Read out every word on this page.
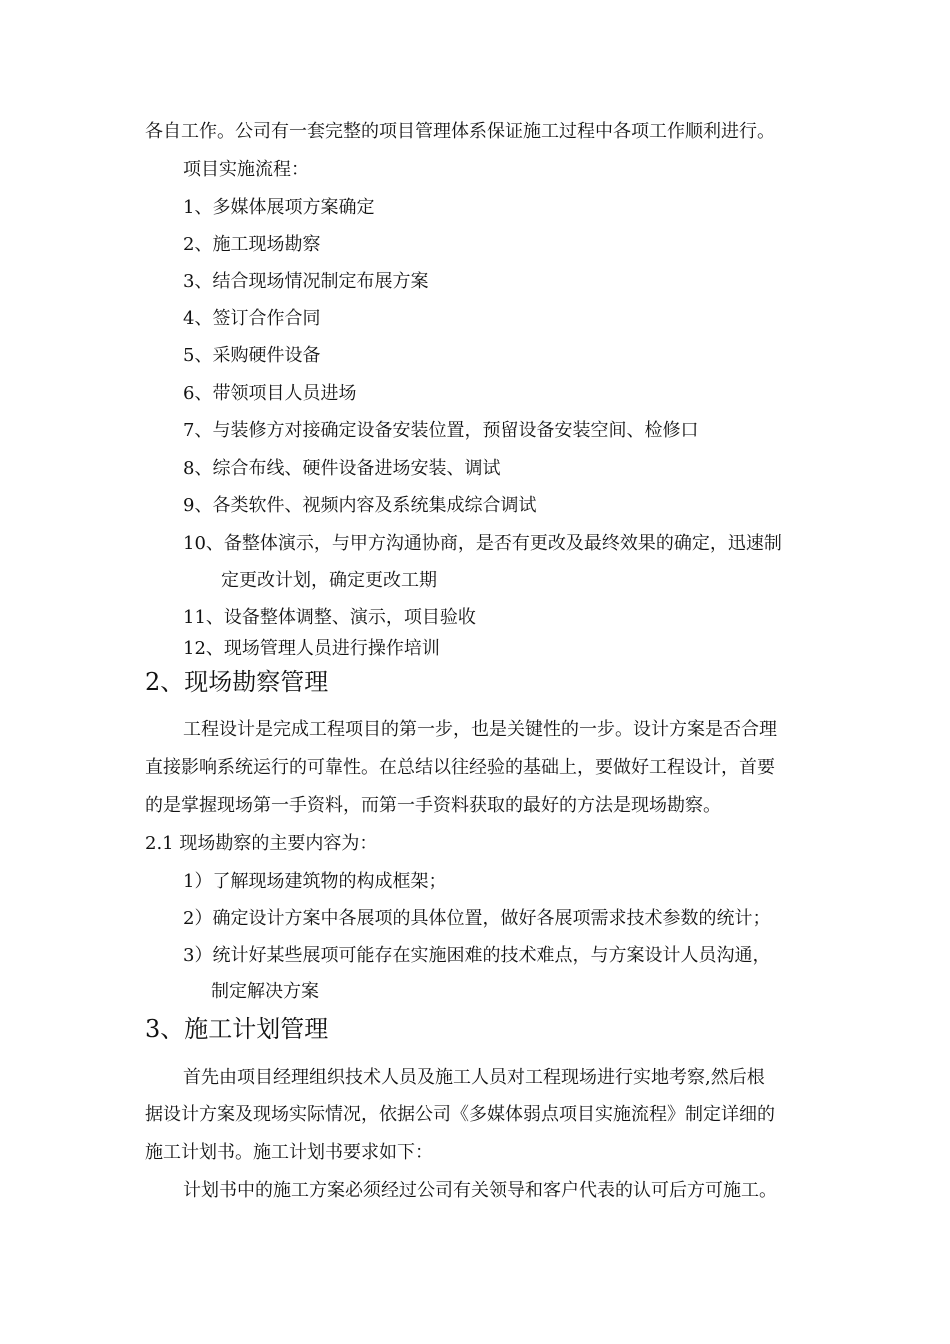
各自工作。公司有一套完整的项目管理体系保证施工过程中各项工作顺利进行。
项目实施流程：
1、多媒体展项方案确定
2、施工现场勘察
3、结合现场情况制定布展方案
4、签订合作合同
5、采购硬件设备
6、带领项目人员进场
7、与装修方对接确定设备安装位置，预留设备安装空间、检修口
8、综合布线、硬件设备进场安装、调试
9、各类软件、视频内容及系统集成综合调试
10、备整体演示，与甲方沟通协商，是否有更改及最终效果的确定，迅速制
定更改计划，确定更改工期
11、设备整体调整、演示，项目验收
12、现场管理人员进行操作培训
2、现场勘察管理
工程设计是完成工程项目的第一步，也是关键性的一步。设计方案是否合理
直接影响系统运行的可靠性。在总结以往经验的基础上，要做好工程设计，首要
的是掌握现场第一手资料，而第一手资料获取的最好的方法是现场勘察。
2.1 现场勘察的主要内容为：
1）了解现场建筑物的构成框架；
2）确定设计方案中各展项的具体位置，做好各展项需求技术参数的统计；
3）统计好某些展项可能存在实施困难的技术难点，与方案设计人员沟通，
制定解决方案
3、施工计划管理
首先由项目经理组织技术人员及施工人员对工程现场进行实地考察,然后根
据设计方案及现场实际情况，依据公司《多媒体弱点项目实施流程》制定详细的
施工计划书。施工计划书要求如下：
计划书中的施工方案必须经过公司有关领导和客户代表的认可后方可施工。
